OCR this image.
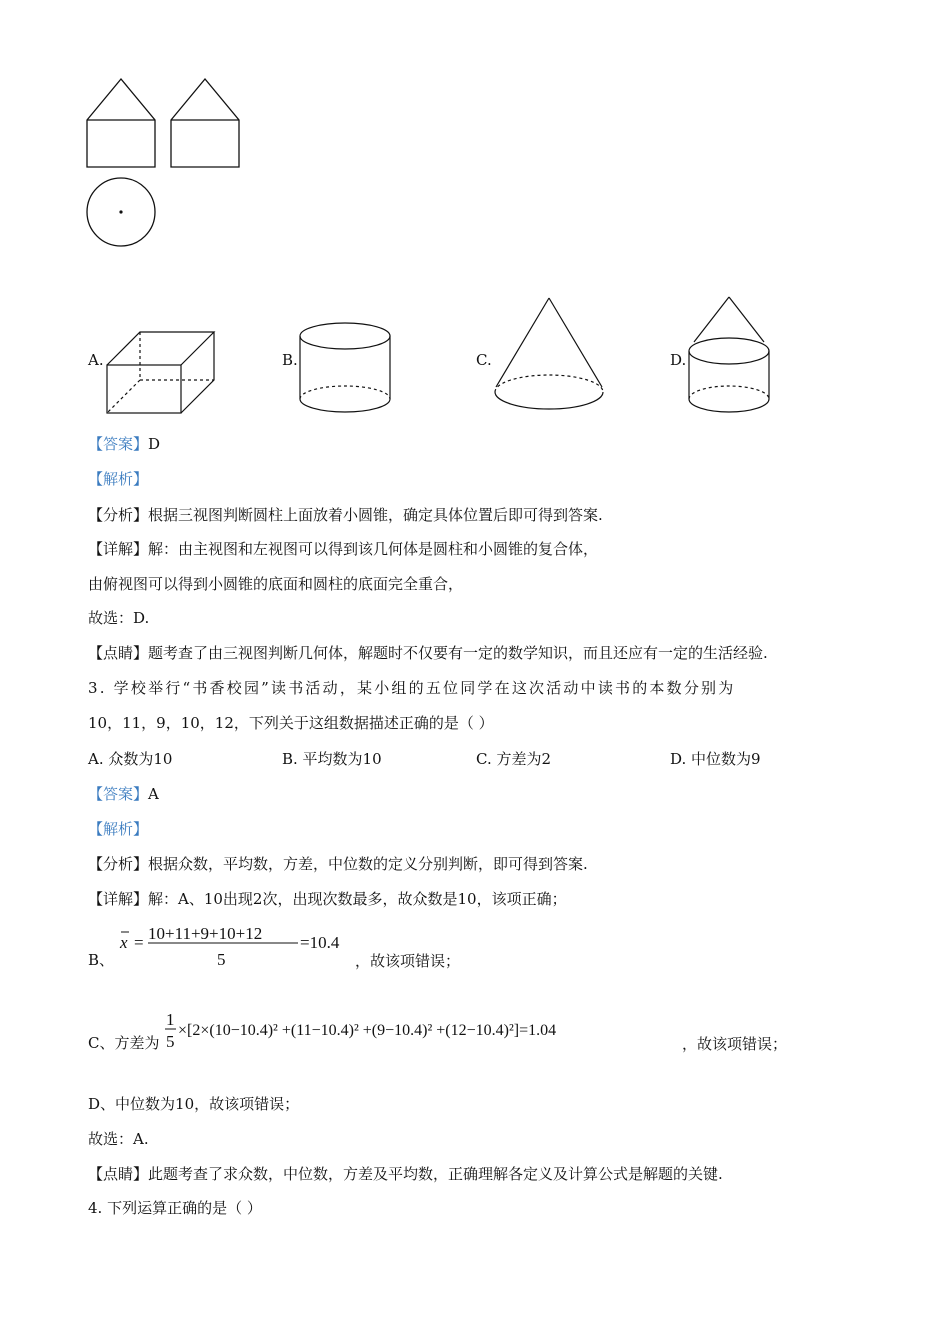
A.	B.	C.	D.
【答案】D
【解析】
【分析】根据三视图判断圆柱上面放着小圆锥，确定具体位置后即可得到答案.
【详解】解：由主视图和左视图可以得到该几何体是圆柱和小圆锥的复合体，
由俯视图可以得到小圆锥的底面和圆柱的底面完全重合，
故选：D.
【点睛】题考查了由三视图判断几何体，解题时不仅要有一定的数学知识，而且还应有一定的生活经验.
3. 学校举行“书香校园”读书活动，某小组的五位同学在这次活动中读书的本数分别为
10，11，9，10，12，下列关于这组数据描述正确的是（ ）
A. 众数为10	B. 平均数为10	C. 方差为2	D. 中位数为9
【答案】A
【解析】
【分析】根据众数，平均数，方差，中位数的定义分别判断，即可得到答案.
【详解】解：A、10出现2次，出现次数最多，故众数是10，该项正确；
B、
x = 10+11+9+10+12
5
=10.4
，故该项错误；
C、方差为
1
5
×[2×(10−10.4)² +(11−10.4)² +(9−10.4)² +(12−10.4)²]=1.04
，故该项错误；
D、中位数为10，故该项错误；
故选：A.
【点睛】此题考查了求众数，中位数，方差及平均数，正确理解各定义及计算公式是解题的关键.
4. 下列运算正确的是（ ）
